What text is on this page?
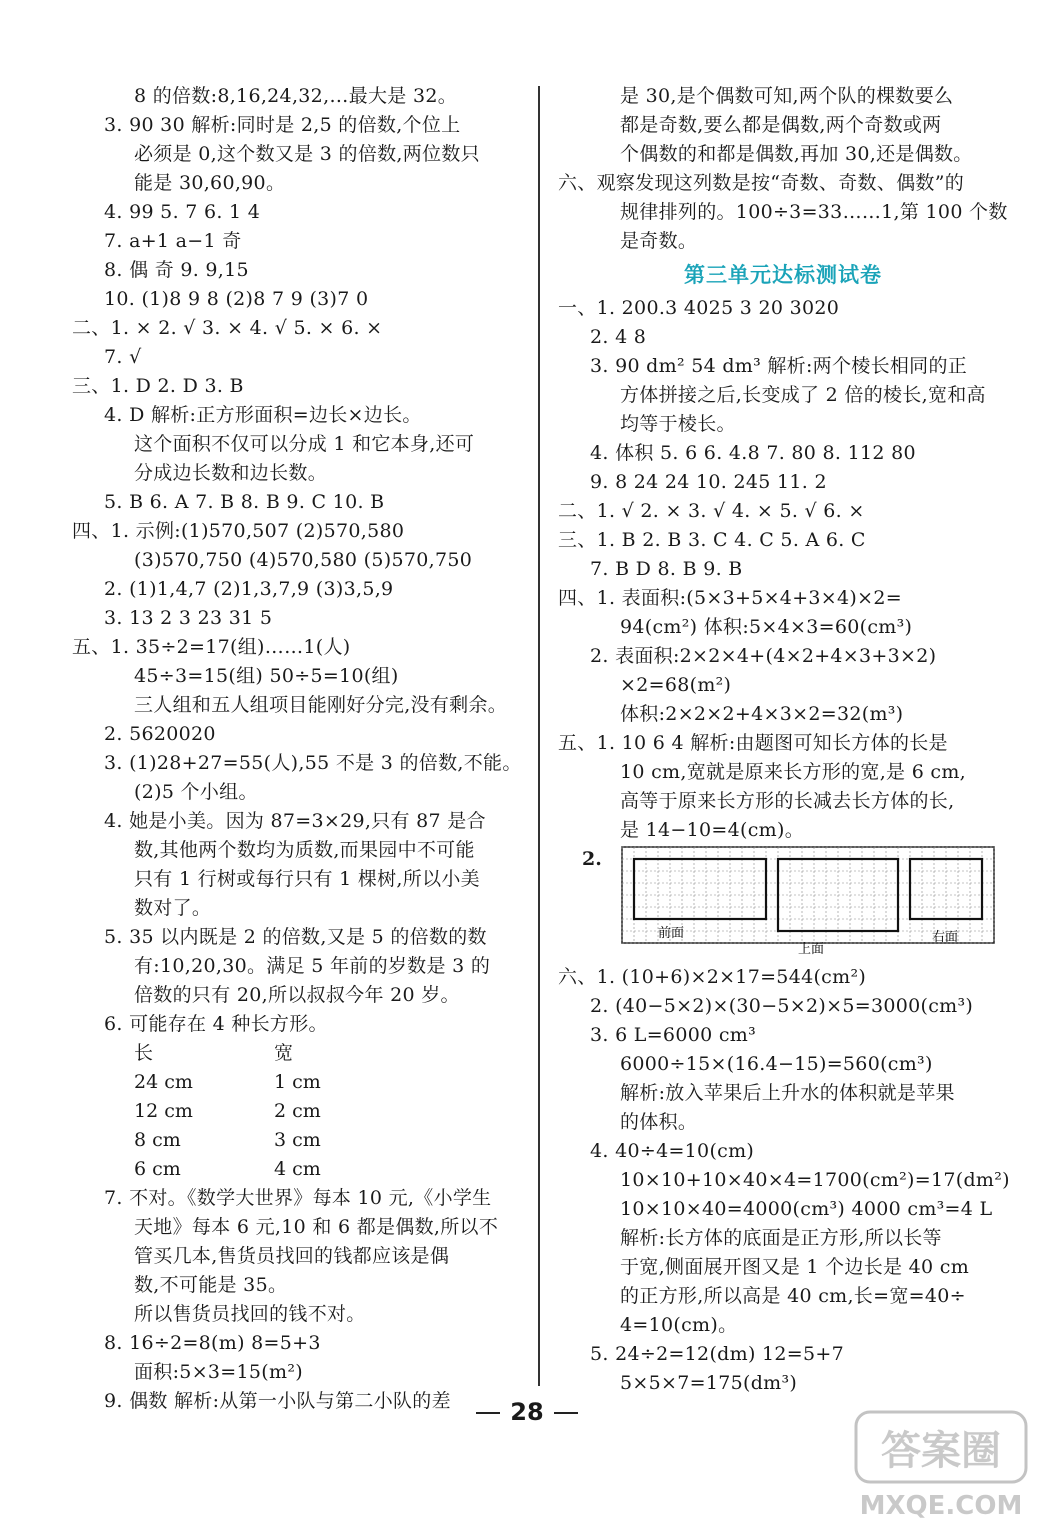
8 的倍数:8,16,24,32,…最大是 32。
3. 90 30 解析:同时是 2,5 的倍数,个位上
必须是 0,这个数又是 3 的倍数,两位数只
能是 30,60,90。
4. 99 5. 7 6. 1 4
7. a+1 a−1 奇
8. 偶 奇 9. 9,15
10. (1)8 9 8 (2)8 7 9 (3)7 0
二、1. × 2. √ 3. × 4. √ 5. × 6. ×
7. √
三、1. D 2. D 3. B
4. D 解析:正方形面积=边长×边长。
这个面积不仅可以分成 1 和它本身,还可
分成边长数和边长数。
5. B 6. A 7. B 8. B 9. C 10. B
四、1. 示例:(1)570,507 (2)570,580
(3)570,750 (4)570,580 (5)570,750
2. (1)1,4,7 (2)1,3,7,9 (3)3,5,9
3. 13 2 3 23 31 5
五、1. 35÷2=17(组)……1(人)
45÷3=15(组) 50÷5=10(组)
三人组和五人组项目能刚好分完,没有剩余。
2. 5620020
3. (1)28+27=55(人),55 不是 3 的倍数,不能。
(2)5 个小组。
4. 她是小美。因为 87=3×29,只有 87 是合
数,其他两个数均为质数,而果园中不可能
只有 1 行树或每行只有 1 棵树,所以小美
数对了。
5. 35 以内既是 2 的倍数,又是 5 的倍数的数
有:10,20,30。满足 5 年前的岁数是 3 的
倍数的只有 20,所以叔叔今年 20 岁。
6. 可能存在 4 种长方形。
长	宽
24 cm	1 cm
12 cm	2 cm
8 cm	3 cm
6 cm	4 cm
7. 不对。《数学大世界》每本 10 元,《小学生
天地》每本 6 元,10 和 6 都是偶数,所以不
管买几本,售货员找回的钱都应该是偶
数,不可能是 35。
所以售货员找回的钱不对。
8. 16÷2=8(m) 8=5+3
面积:5×3=15(m²)
9. 偶数 解析:从第一小队与第二小队的差
是 30,是个偶数可知,两个队的棵数要么
都是奇数,要么都是偶数,两个奇数或两
个偶数的和都是偶数,再加 30,还是偶数。
六、观察发现这列数是按“奇数、奇数、偶数”的
规律排列的。100÷3=33……1,第 100 个数
是奇数。
第三单元达标测试卷
一、1. 200.3 4025 3 20 3020
2. 4 8
3. 90 dm² 54 dm³ 解析:两个棱长相同的正
方体拼接之后,长变成了 2 倍的棱长,宽和高
均等于棱长。
4. 体积 5. 6 6. 4.8 7. 80 8. 112 80
9. 8 24 24 10. 245 11. 2
二、1. √ 2. × 3. √ 4. × 5. √ 6. ×
三、1. B 2. B 3. C 4. C 5. A 6. C
7. B D 8. B 9. B
四、1. 表面积:(5×3+5×4+3×4)×2=
94(cm²) 体积:5×4×3=60(cm³)
2. 表面积:2×2×4+(4×2+4×3+3×2)
×2=68(m²)
体积:2×2×2+4×3×2=32(m³)
五、1. 10 6 4 解析:由题图可知长方体的长是
10 cm,宽就是原来长方形的宽,是 6 cm,
高等于原来长方形的长减去长方体的长,
是 14−10=4(cm)。
2.
前面
上面
右面
六、1. (10+6)×2×17=544(cm²)
2. (40−5×2)×(30−5×2)×5=3000(cm³)
3. 6 L=6000 cm³
6000÷15×(16.4−15)=560(cm³)
解析:放入苹果后上升水的体积就是苹果
的体积。
4. 40÷4=10(cm)
10×10+10×40×4=1700(cm²)=17(dm²)
10×10×40=4000(cm³) 4000 cm³=4 L
解析:长方体的底面是正方形,所以长等
于宽,侧面展开图又是 1 个边长是 40 cm
的正方形,所以高是 40 cm,长=宽=40÷
4=10(cm)。
5. 24÷2=12(dm) 12=5+7
5×5×7=175(dm³)
28
答案圈
MXQE.COM
